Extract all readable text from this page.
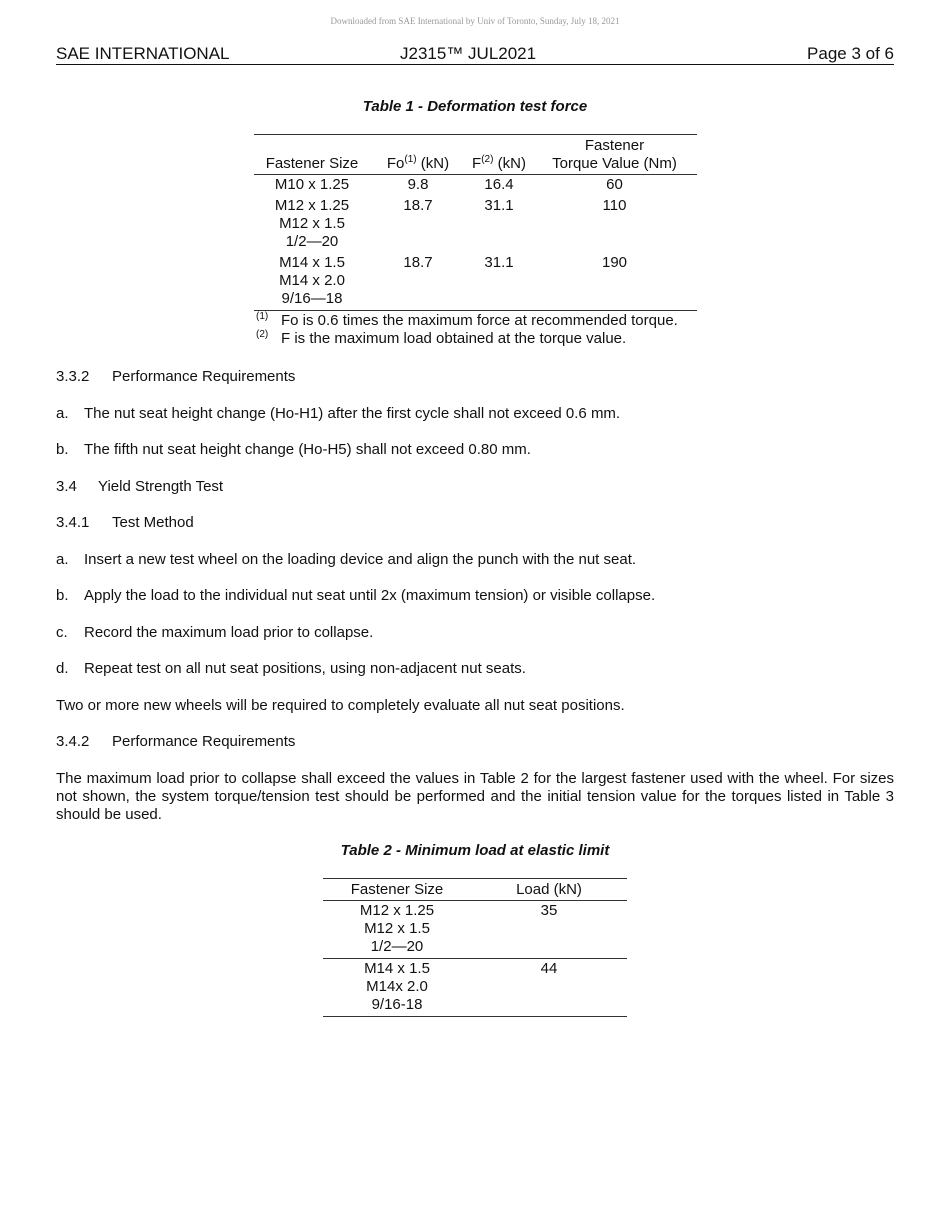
Downloaded from SAE International by Univ of Toronto, Sunday, July 18, 2021
SAE INTERNATIONAL	J2315™ JUL2021	Page 3 of 6
Table 1 - Deformation test force
Fastener Size	Fo$^{(1)}$ (kN)	$F^{(2)}$ (kN)	Fastener
Torque Value (Nm)

M10 x 1.25	9.8	16.4	60

M12 x 1.25
M12 x 1.5
1/2—20	18.7	31.1	110

M14 x 1.5
M14 x 2.0
9/16—18	18.7	31.1	190
(1) Fo is 0.6 times the maximum force at recommended torque.
(2) F is the maximum load obtained at the torque value.
3.3.2 Performance Requirements
a. The nut seat height change (Ho-H1) after the first cycle shall not exceed 0.6 mm.
b. The fifth nut seat height change (Ho-H5) shall not exceed 0.80 mm.
3.4 Yield Strength Test
3.4.1 Test Method
a. Insert a new test wheel on the loading device and align the punch with the nut seat.
b. Apply the load to the individual nut seat until 2x (maximum tension) or visible collapse.
c. Record the maximum load prior to collapse.
d. Repeat test on all nut seat positions, using non-adjacent nut seats.
Two or more new wheels will be required to completely evaluate all nut seat positions.
3.4.2 Performance Requirements
The maximum load prior to collapse shall exceed the values in Table 2 for the largest fastener used with the wheel. For sizes not shown, the system torque/tension test should be performed and the initial tension value for the torques listed in Table 3 should be used.
Table 2 - Minimum load at elastic limit
Fastener Size	Load (kN)

M12 x 1.25
M12 x 1.5
1/2—20	35

M14 x 1.5
M14x 2.0
9/16-18	44
